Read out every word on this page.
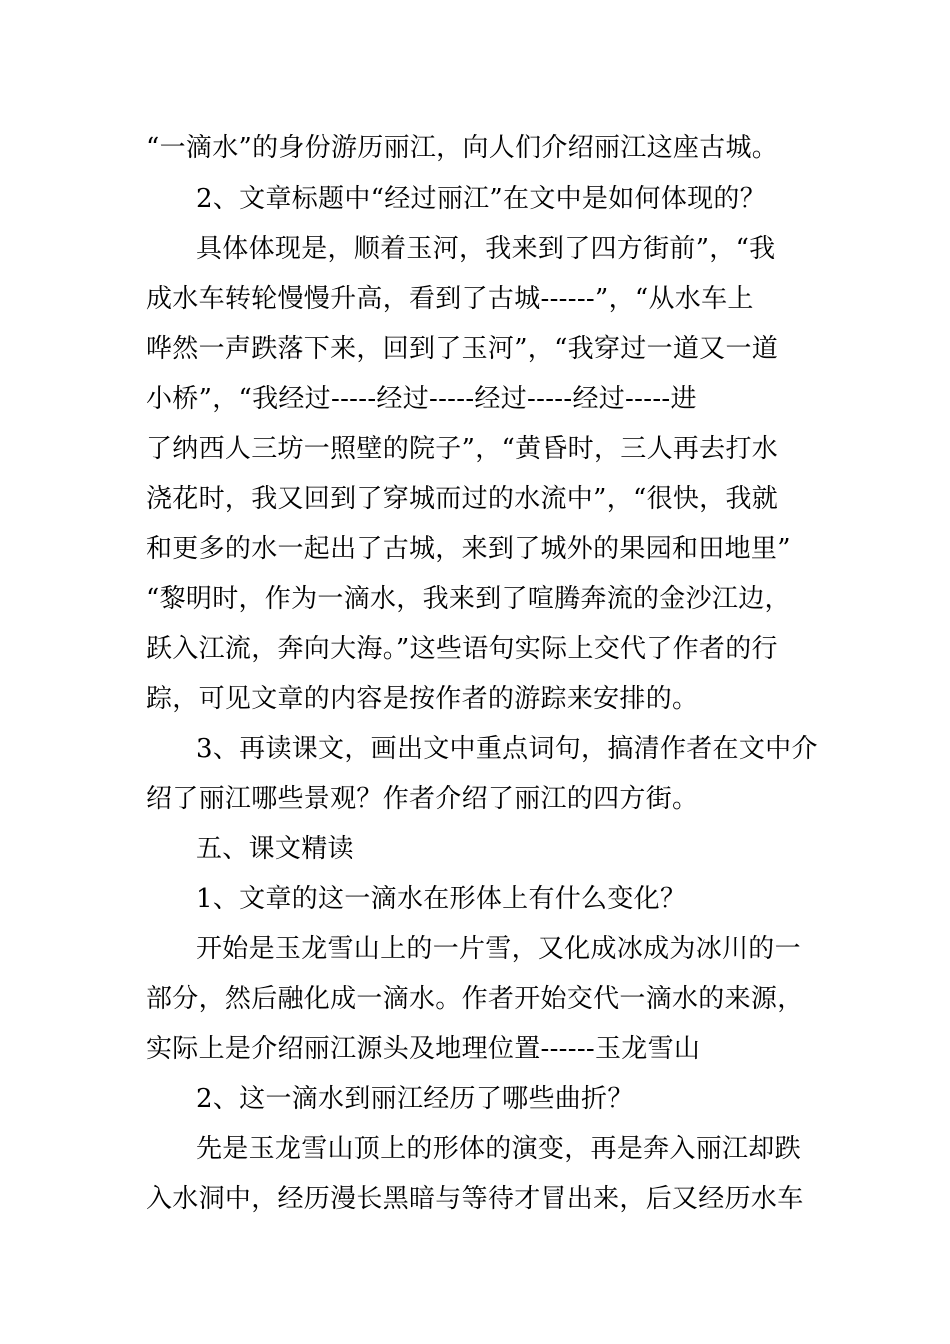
“一滴水”的身份游历丽江，向人们介绍丽江这座古城。
2、文章标题中“经过丽江”在文中是如何体现的？
具体体现是，顺着玉河，我来到了四方街前”，“我
成水车转轮慢慢升高，看到了古城------”，“从水车上
哗然一声跌落下来，回到了玉河”，“我穿过一道又一道
小桥”，“我经过-----经过-----经过-----经过-----进
了纳西人三坊一照壁的院子”，“黄昏时，三人再去打水
浇花时，我又回到了穿城而过的水流中”，“很快，我就
和更多的水一起出了古城，来到了城外的果园和田地里”
“黎明时，作为一滴水，我来到了喧腾奔流的金沙江边，
跃入江流，奔向大海。”这些语句实际上交代了作者的行
踪，可见文章的内容是按作者的游踪来安排的。
3、再读课文，画出文中重点词句，搞清作者在文中介
绍了丽江哪些景观？作者介绍了丽江的四方街。
五、课文精读
1、文章的这一滴水在形体上有什么变化？
开始是玉龙雪山上的一片雪，又化成冰成为冰川的一
部分，然后融化成一滴水。作者开始交代一滴水的来源，
实际上是介绍丽江源头及地理位置------玉龙雪山
2、这一滴水到丽江经历了哪些曲折？
先是玉龙雪山顶上的形体的演变，再是奔入丽江却跌
入水洞中，经历漫长黑暗与等待才冒出来，后又经历水车
